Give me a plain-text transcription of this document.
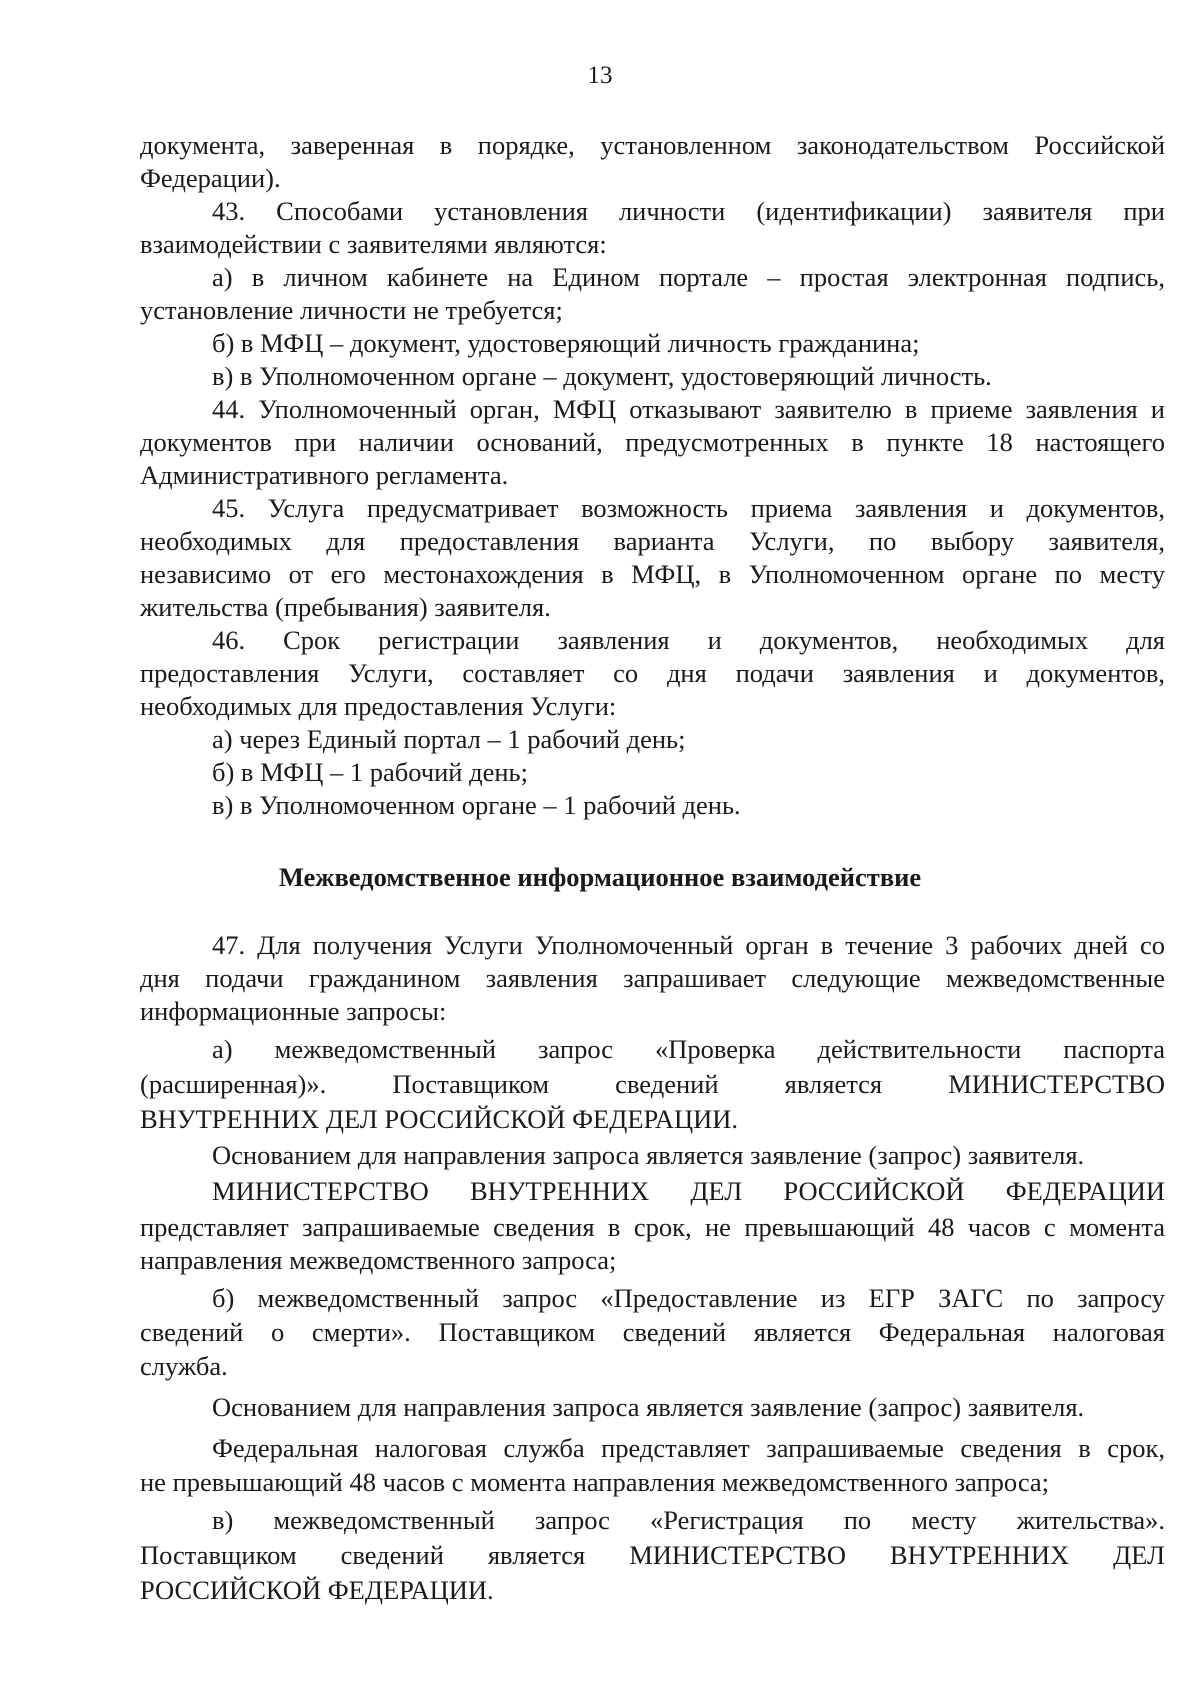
13
документа, заверенная в порядке, установленном законодательством Российской
Федерации).
43. Способами установления личности (идентификации) заявителя при
взаимодействии с заявителями являются:
а) в личном кабинете на Едином портале – простая электронная подпись,
установление личности не требуется;
б) в МФЦ – документ, удостоверяющий личность гражданина;
в) в Уполномоченном органе – документ, удостоверяющий личность.
44. Уполномоченный орган, МФЦ отказывают заявителю в приеме заявления и
документов при наличии оснований, предусмотренных в пункте 18 настоящего
Административного регламента.
45. Услуга предусматривает возможность приема заявления и документов,
необходимых для предоставления варианта Услуги, по выбору заявителя,
независимо от его местонахождения в МФЦ, в Уполномоченном органе по месту
жительства (пребывания) заявителя.
46. Срок регистрации заявления и документов, необходимых для
предоставления Услуги, составляет со дня подачи заявления и документов,
необходимых для предоставления Услуги:
а) через Единый портал – 1 рабочий день;
б) в МФЦ – 1 рабочий день;
в) в Уполномоченном органе – 1 рабочий день.
Межведомственное информационное взаимодействие
47. Для получения Услуги Уполномоченный орган в течение 3 рабочих дней со
дня подачи гражданином заявления запрашивает следующие межведомственные
информационные запросы:
а) межведомственный запрос «Проверка действительности паспорта
(расширенная)». Поставщиком сведений является МИНИСТЕРСТВО
ВНУТРЕННИХ ДЕЛ РОССИЙСКОЙ ФЕДЕРАЦИИ.
Основанием для направления запроса является заявление (запрос) заявителя.
МИНИСТЕРСТВО ВНУТРЕННИХ ДЕЛ РОССИЙСКОЙ ФЕДЕРАЦИИ
представляет запрашиваемые сведения в срок, не превышающий 48 часов с момента
направления межведомственного запроса;
б) межведомственный запрос «Предоставление из ЕГР ЗАГС по запросу
сведений о смерти». Поставщиком сведений является Федеральная налоговая
служба.
Основанием для направления запроса является заявление (запрос) заявителя.
Федеральная налоговая служба представляет запрашиваемые сведения в срок,
не превышающий 48 часов с момента направления межведомственного запроса;
в) межведомственный запрос «Регистрация по месту жительства».
Поставщиком сведений является МИНИСТЕРСТВО ВНУТРЕННИХ ДЕЛ
РОССИЙСКОЙ ФЕДЕРАЦИИ.
